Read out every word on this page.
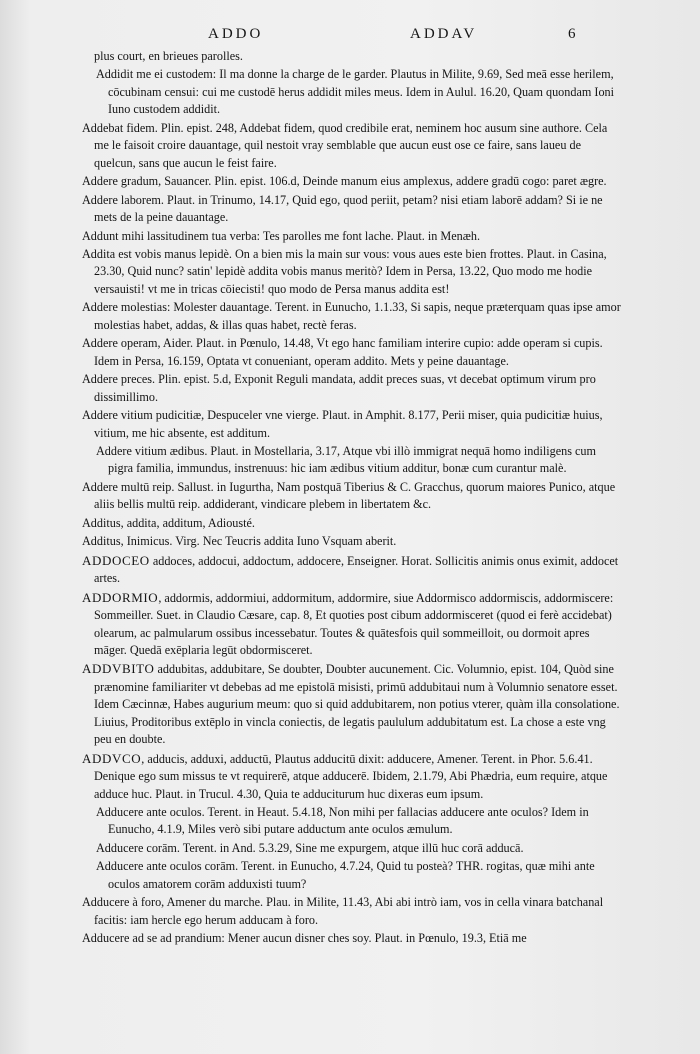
ADDO	ADDAV	6

plus court, en brieues parolles.

Addidit me ei custodem: Il ma donne la charge de le garder. Plautus in Milite, 9.69, Sed meā esse herilem, cōcubinam censui: cui me custodē herus addidit miles meus. Idem in Aulul. 16.20, Quam quondam Ioni Iuno custodem addidit.

Addebat fidem. Plin. epist. 248, Addebat fidem, quod credibile erat, neminem hoc ausum sine authore. Cela me le faisoit croire dauantage, quil nestoit vray semblable que aucun eust ose ce faire, sans laueu de quelcun, sans que aucun le feist faire.

Addere gradum, Sauancer. Plin. epist. 106.d, Deinde manum eius amplexus, addere gradū cogo: paret ægre.

Addere laborem. Plaut. in Trinumo, 14.17, Quid ego, quod periit, petam? nisi etiam laborē addam? Si ie ne mets de la peine dauantage.

Addunt mihi lassitudinem tua verba: Tes parolles me font lache. Plaut. in Menæh.

Addita est vobis manus lepidè. On a bien mis la main sur vous: vous aues este bien frottes. Plaut. in Casina, 23.30, Quid nunc? satin' lepidè addita vobis manus meritò? Idem in Persa, 13.22, Quo modo me hodie versauisti! vt me in tricas cōiecisti! quo modo de Persa manus addita est!

Addere molestias: Molester dauantage. Terent. in Eunucho, 1.1.33, Si sapis, neque præterquam quas ipse amor molestias habet, addas, & illas quas habet, rectè feras.

Addere operam, Aider. Plaut. in Pœnulo, 14.48, Vt ego hanc familiam interire cupio: adde operam si cupis. Idem in Persa, 16.159, Optata vt conueniant, operam addito. Mets y peine dauantage.

Addere preces. Plin. epist. 5.d, Exponit Reguli mandata, addit preces suas, vt decebat optimum virum pro dissimillimo.

Addere vitium pudicitiæ, Despuceler vne vierge. Plaut. in Amphit. 8.177, Perii miser, quia pudicitiæ huius, vitium, me hic absente, est additum.

Addere vitium ædibus. Plaut. in Mostellaria, 3.17, Atque vbi illò immigrat nequā homo indiligens cum pigra familia, immundus, instrenuus: hic iam ædibus vitium additur, bonæ cum curantur malè.

Addere multū reip. Sallust. in Iugurtha, Nam postquā Tiberius & C. Gracchus, quorum maiores Punico, atque aliis bellis multū reip. addiderant, vindicare plebem in libertatem &c.

Additus, addita, additum, Adiousté.

Additus, Inimicus. Virg. Nec Teucris addita Iuno Vsquam aberit.

ADDOCEO addoces, addocui, addoctum, addocere, Enseigner. Horat. Sollicitis animis onus eximit, addocet artes.

ADDORMIO, addormis, addormiui, addormitum, addormire, siue Addormisco addormiscis, addormiscere: Sommeiller. Suet. in Claudio Cæsare, cap. 8, Et quoties post cibum addormisceret (quod ei ferè accidebat) olearum, ac palmularum ossibus incessebatur. Toutes & quātesfois quil sommeilloit, ou dormoit apres māger. Quedā exēplaria legūt obdormisceret.

ADDVBITO addubitas, addubitare, Se doubter, Doubter aucunement. Cic. Volumnio, epist. 104, Quòd sine prænomine familiariter vt debebas ad me epistolā misisti, primū addubitaui num à Volumnio senatore esset. Idem Cæcinnæ, Habes augurium meum: quo si quid addubitarem, non potius vterer, quàm illa consolatione. Liuius, Proditoribus extēplo in vincla coniectis, de legatis paululum addubitatum est. La chose a este vng peu en doubte.

ADDVCO, adducis, adduxi, adductū, Plautus adducitū dixit: adducere, Amener. Terent. in Phor. 5.6.41. Denique ego sum missus te vt requirerē, atque adducerē. Ibidem, 2.1.79, Abi Phædria, eum require, atque adduce huc. Plaut. in Trucul. 4.30, Quia te adduciturum huc dixeras eum ipsum.

Adducere ante oculos. Terent. in Heaut. 5.4.18, Non mihi per fallacias adducere ante oculos? Idem in Eunucho, 4.1.9, Miles verò sibi putare adductum ante oculos æmulum.

Adducere corām. Terent. in And. 5.3.29, Sine me expurgem, atque illū huc corā adducā.

Adducere ante oculos corām. Terent. in Eunucho, 4.7.24, Quid tu posteà? THR. rogitas, quæ mihi ante oculos amatorem corām adduxisti tuum?

Adducere à foro, Amener du marche. Plau. in Milite, 11.43, Abi abi intrò iam, vos in cella vinara batchanal facitis: iam hercle ego herum adducam à foro.

Adducere ad se ad prandium: Mener aucun disner ches soy. Plaut. in Pœnulo, 19.3, Etiā me
